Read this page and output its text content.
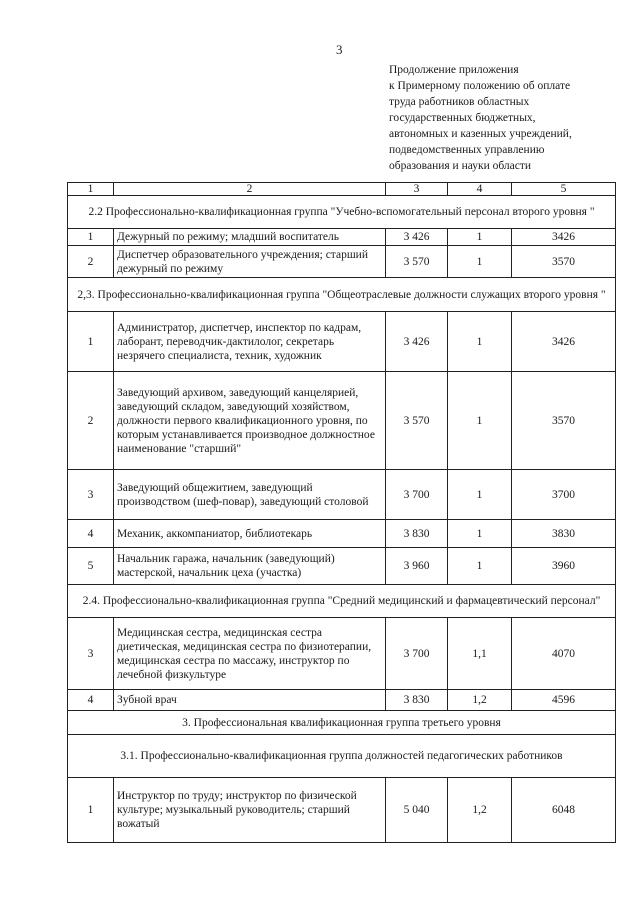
3
Продолжение приложения
к Примерному положению об оплате
труда работников областных
государственных бюджетных,
автономных и казенных учреждений,
подведомственных управлению
образования и науки области
1	2	3	4	5
2.2 Профессионально-квалификационная группа "Учебно-вспомогательный персонал второго уровня "				
1	Дежурный по режиму; младший воспитатель	3 426	1	3426
2	Диспетчер образовательного учреждения; старший дежурный по режиму	3 570	1	3570
2,3. Профессионально-квалификационная группа "Общеотраслевые должности служащих второго уровня "				
1	Администратор, диспетчер, инспектор по кадрам, лаборант, переводчик-дактилолог, секретарь незрячего специалиста, техник, художник	3 426	1	3426
2	Заведующий архивом, заведующий канцелярией, заведующий складом, заведующий хозяйством, должности первого квалификационного уровня, по которым устанавливается производное должностное наименование "старший"	3 570	1	3570
3	Заведующий общежитием, заведующий производством (шеф-повар), заведующий столовой	3 700	1	3700
4	Механик, аккомпаниатор, библиотекарь	3 830	1	3830
5	Начальник гаража, начальник (заведующий) мастерской, начальник цеха (участка)	3 960	1	3960
2.4. Профессионально-квалификационная группа "Средний медицинский и фармацевтический персонал"				
3	Медицинская сестра, медицинская сестра диетическая, медицинская сестра по физиотерапии, медицинская сестра по массажу, инструктор по лечебной физкультуре	3 700	1,1	4070
4	Зубной врач	3 830	1,2	4596
3. Профессиональная квалификационная группа третьего уровня				
3.1. Профессионально-квалификационная группа должностей педагогических работников				
1	Инструктор по труду; инструктор по физической культуре; музыкальный руководитель; старший вожатый	5 040	1,2	6048
